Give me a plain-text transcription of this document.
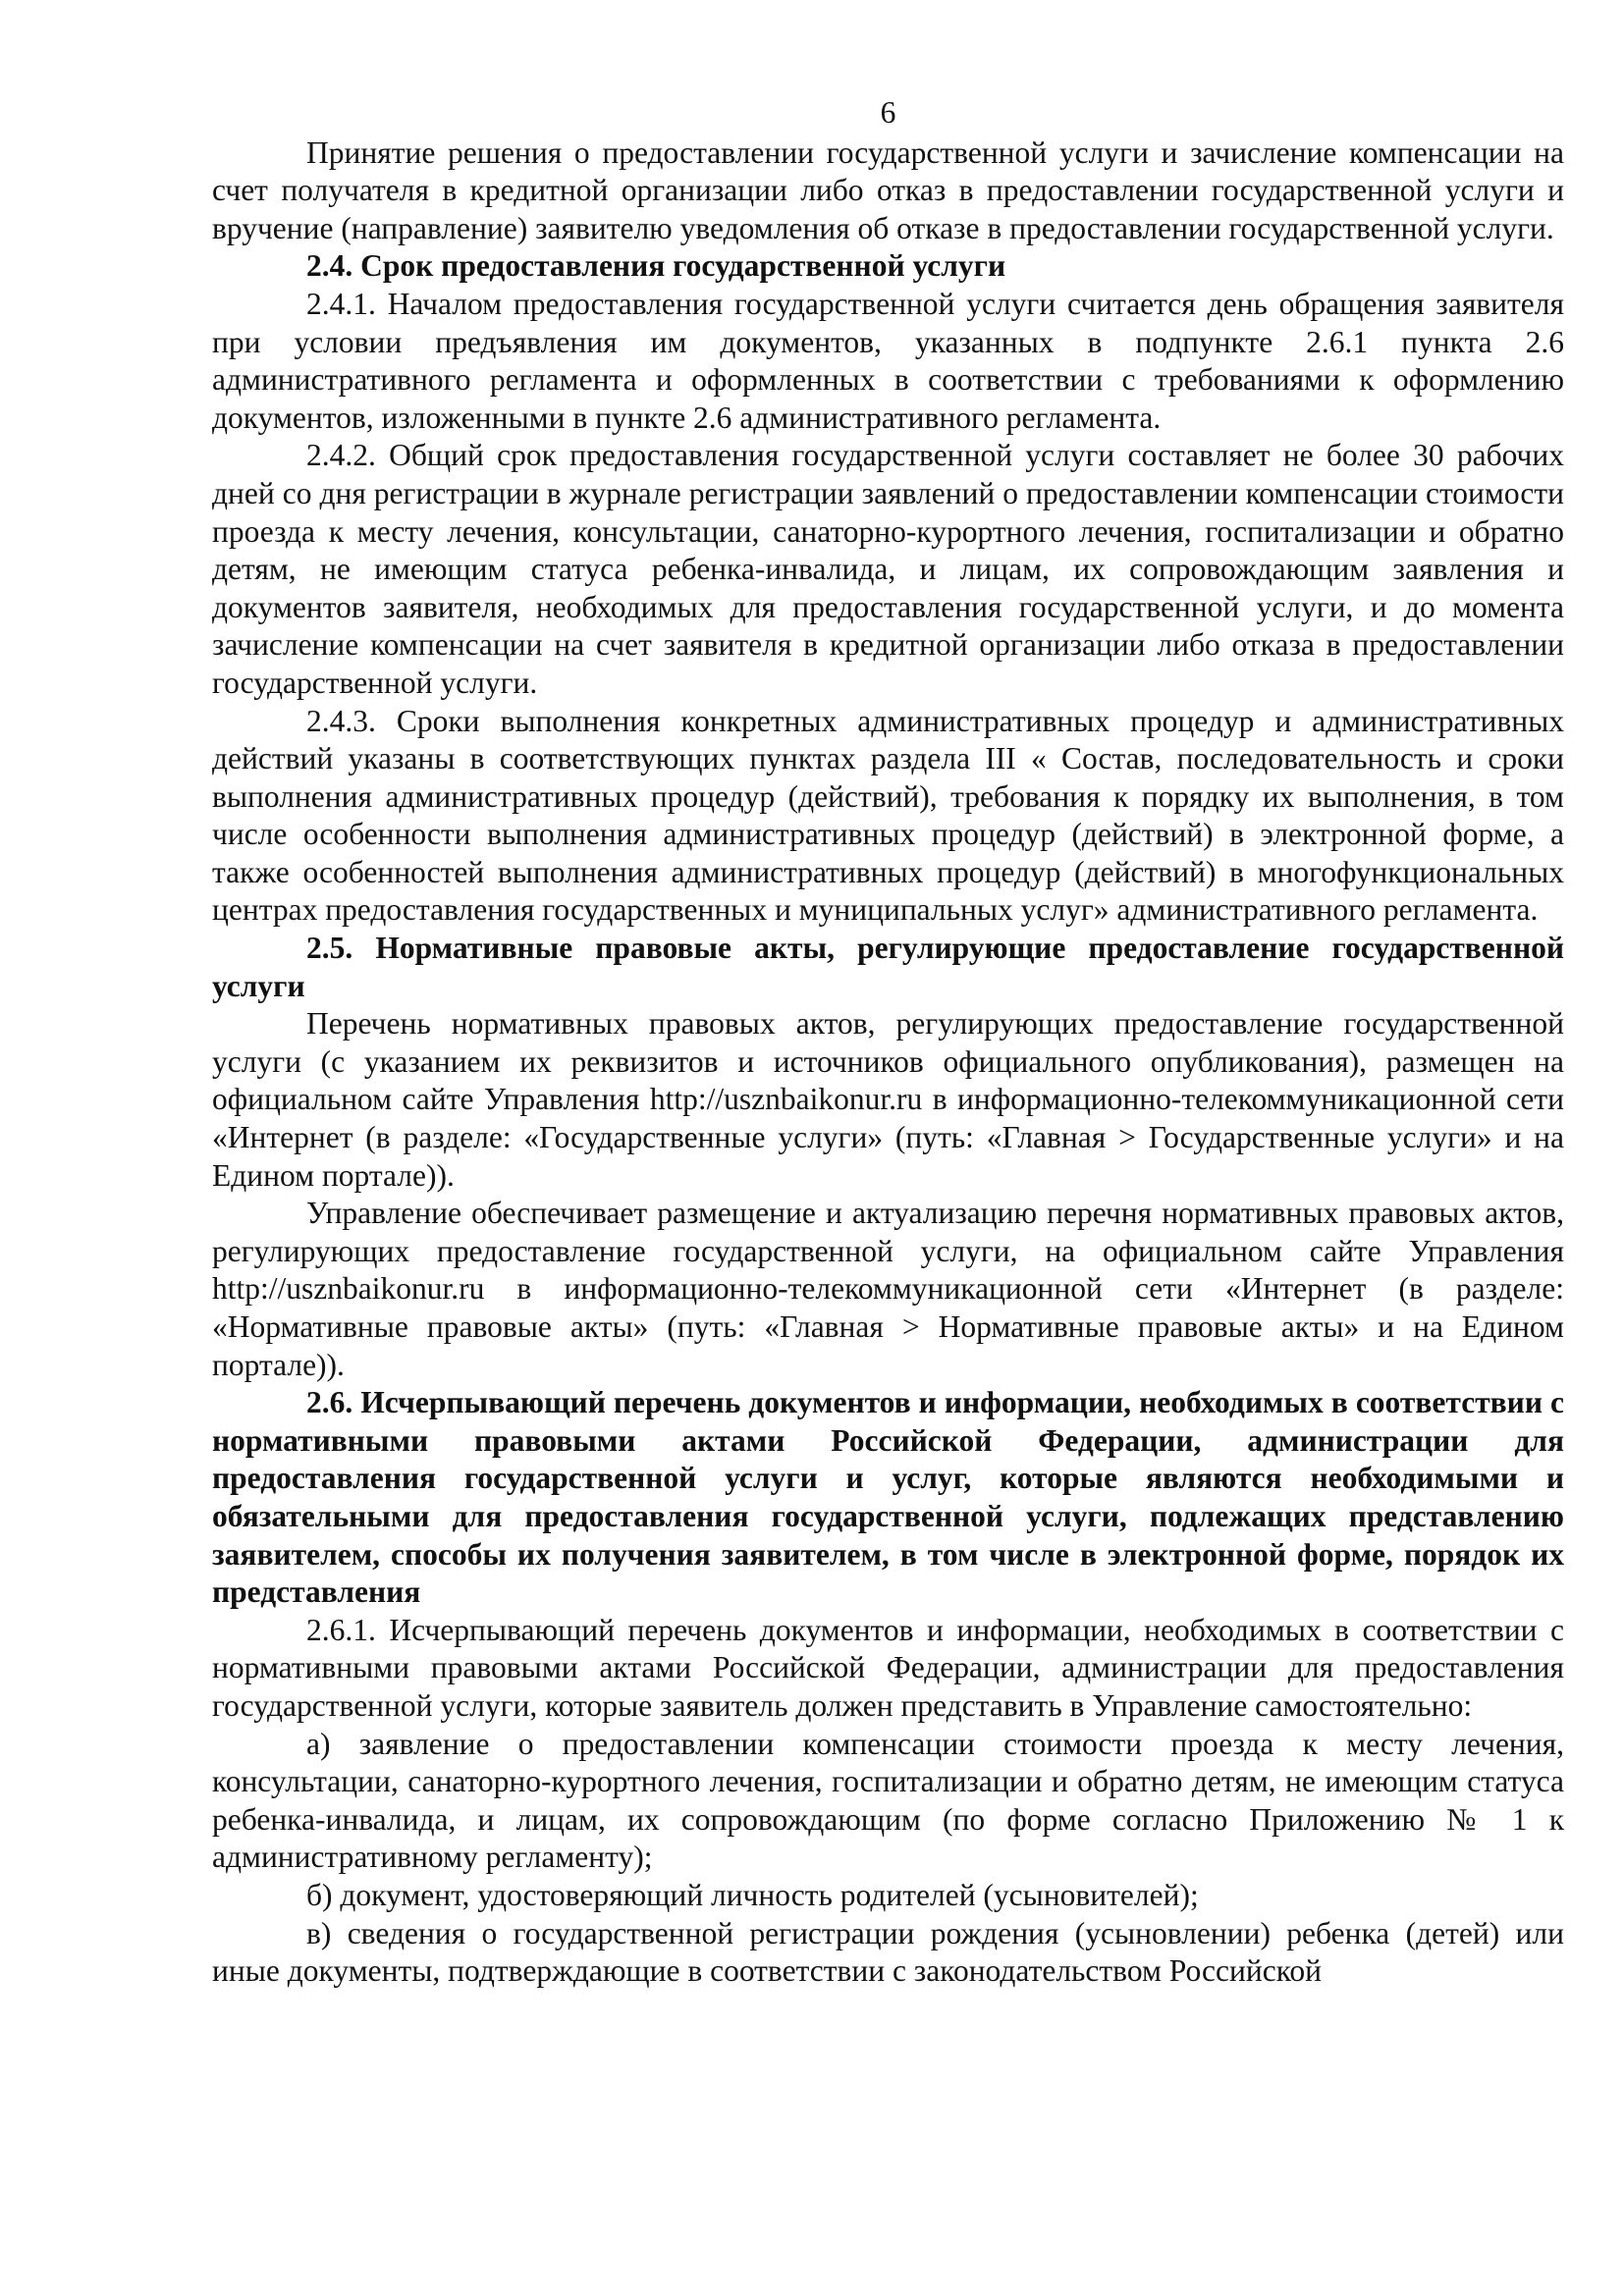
6

Принятие решения о предоставлении государственной услуги и зачисление компенсации на счет получателя в кредитной организации либо отказ в предоставлении государственной услуги и вручение (направление) заявителю уведомления об отказе в предоставлении государственной услуги.

2.4. Срок предоставления государственной услуги

2.4.1. Началом предоставления государственной услуги считается день обращения заявителя при условии предъявления им документов, указанных в подпункте 2.6.1 пункта 2.6 административного регламента и оформленных в соответствии с требованиями к оформлению документов, изложенными в пункте 2.6 административного регламента.

2.4.2. Общий срок предоставления государственной услуги составляет не более 30 рабочих дней со дня регистрации в журнале регистрации заявлений о предоставлении компенсации стоимости проезда к месту лечения, консультации, санаторно-курортного лечения, госпитализации и обратно детям, не имеющим статуса ребенка-инвалида, и лицам, их сопровождающим заявления и документов заявителя, необходимых для предоставления государственной услуги, и до момента зачисление компенсации на счет заявителя в кредитной организации либо отказа в предоставлении государственной услуги.

2.4.3. Сроки выполнения конкретных административных процедур и административных действий указаны в соответствующих пунктах раздела III « Состав, последовательность и сроки выполнения административных процедур (действий), требования к порядку их выполнения, в том числе особенности выполнения административных процедур (действий) в электронной форме, а также особенностей выполнения административных процедур (действий) в многофункциональных центрах предоставления государственных и муниципальных услуг» административного регламента.

2.5. Нормативные правовые акты, регулирующие предоставление государственной услуги

Перечень нормативных правовых актов, регулирующих предоставление государственной услуги (с указанием их реквизитов и источников официального опубликования), размещен на официальном сайте Управления http://usznbaikonur.ru в информационно-телекоммуникационной сети «Интернет (в разделе: «Государственные услуги» (путь: «Главная > Государственные услуги» и на Едином портале)).

Управление обеспечивает размещение и актуализацию перечня нормативных правовых актов, регулирующих предоставление государственной услуги, на официальном сайте Управления http://usznbaikonur.ru в информационно-телекоммуникационной сети «Интернет (в разделе: «Нормативные правовые акты» (путь: «Главная > Нормативные правовые акты» и на Едином портале)).

2.6. Исчерпывающий перечень документов и информации, необходимых в соответствии с нормативными правовыми актами Российской Федерации, администрации для предоставления государственной услуги и услуг, которые являются необходимыми и обязательными для предоставления государственной услуги, подлежащих представлению заявителем, способы их получения заявителем, в том числе в электронной форме, порядок их представления

2.6.1. Исчерпывающий перечень документов и информации, необходимых в соответствии с нормативными правовыми актами Российской Федерации, администрации для предоставления государственной услуги, которые заявитель должен представить в Управление самостоятельно:

а) заявление о предоставлении компенсации стоимости проезда к месту лечения, консультации, санаторно-курортного лечения, госпитализации и обратно детям, не имеющим статуса ребенка-инвалида, и лицам, их сопровождающим (по форме согласно Приложению № 1 к административному регламенту);

б) документ, удостоверяющий личность родителей (усыновителей);

в) сведения о государственной регистрации рождения (усыновлении) ребенка (детей) или иные документы, подтверждающие в соответствии с законодательством Российской
